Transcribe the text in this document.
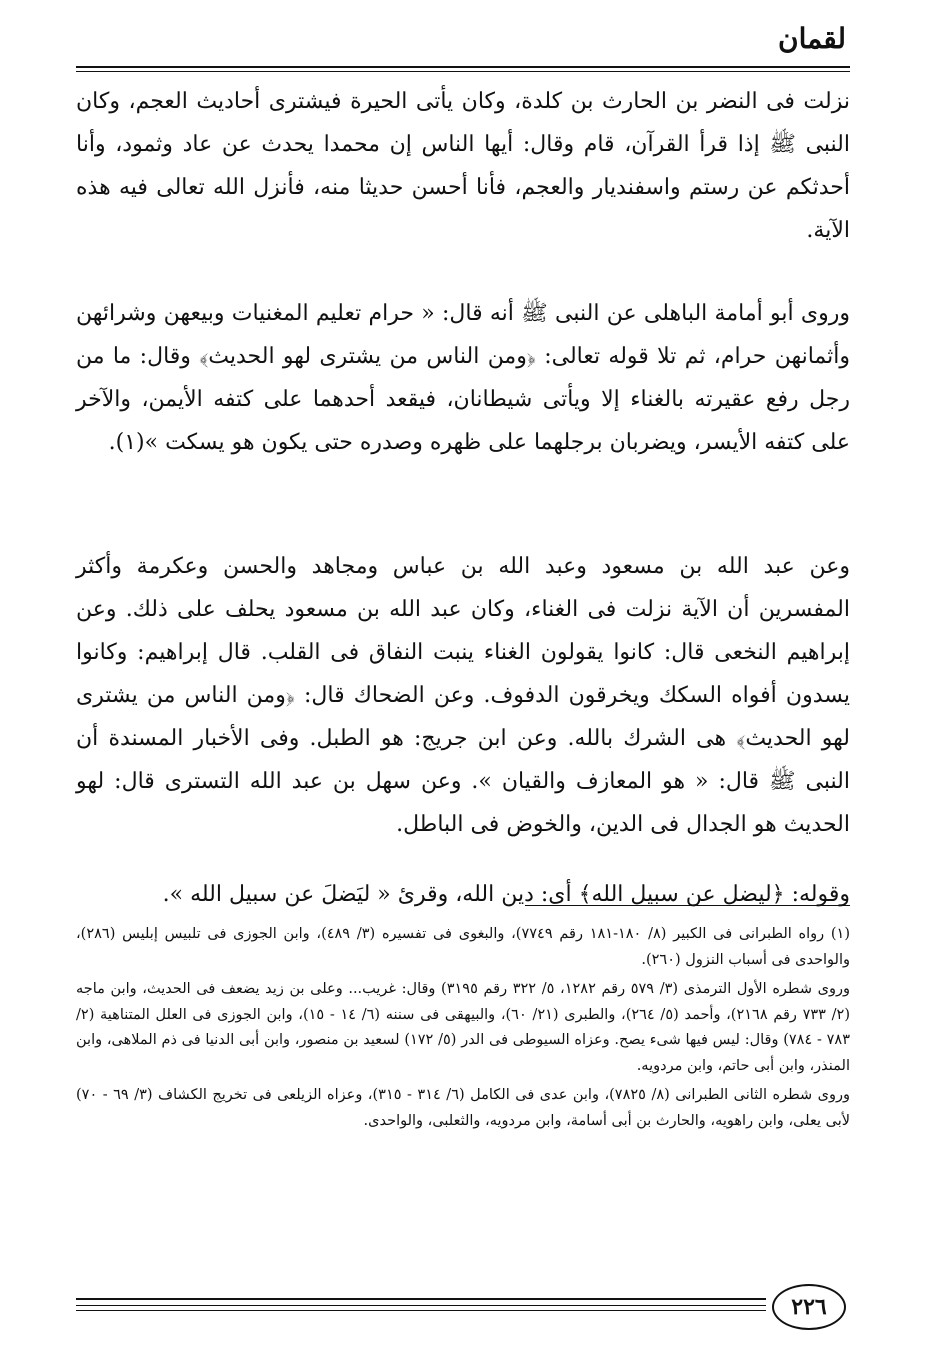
لقمان

نزلت فى النضر بن الحارث بن كلدة، وكان يأتى الحيرة فيشترى أحاديث العجم، وكان النبى ﷺ إذا قرأ القرآن، قام وقال: أيها الناس إن محمدا يحدث عن عاد وثمود، وأنا أحدثكم عن رستم واسفنديار والعجم، فأنا أحسن حديثا منه، فأنزل الله تعالى فيه هذه الآية.

وروى أبو أمامة الباهلى عن النبى ﷺ أنه قال: « حرام تعليم المغنيات وبيعهن وشرائهن وأثمانهن حرام، ثم تلا قوله تعالى: ﴿ومن الناس من يشترى لهو الحديث﴾ وقال: ما من رجل رفع عقيرته بالغناء إلا ويأتى شيطانان، فيقعد أحدهما على كتفه الأيمن، والآخر على كتفه الأيسر، ويضربان برجلهما على ظهره وصدره حتى يكون هو يسكت »(١).

وعن عبد الله بن مسعود وعبد الله بن عباس ومجاهد والحسن وعكرمة وأكثر المفسرين أن الآية نزلت فى الغناء، وكان عبد الله بن مسعود يحلف على ذلك. وعن إبراهيم النخعى قال: كانوا يقولون الغناء ينبت النفاق فى القلب. قال إبراهيم: وكانوا يسدون أفواه السكك ويخرقون الدفوف. وعن الضحاك قال: ﴿ومن الناس من يشترى لهو الحديث﴾ هى الشرك بالله. وعن ابن جريج: هو الطبل. وفى الأخبار المسندة أن النبى ﷺ قال: « هو المعازف والقيان ». وعن سهل بن عبد الله التسترى قال: لهو الحديث هو الجدال فى الدين، والخوض فى الباطل.

وقوله: ﴿ليضل عن سبيل الله﴾ أى: دين الله، وقرئ « ليَضلَ عن سبيل الله ».

(١) رواه الطبرانى فى الكبير (٨/ ١٨٠-١٨١ رقم ٧٧٤٩)، والبغوى فى تفسيره (٣/ ٤٨٩)، وابن الجوزى فى تلبيس إبليس (٢٨٦)، والواحدى فى أسباب النزول (٢٦٠).

وروى شطره الأول الترمذى (٣/ ٥٧٩ رقم ١٢٨٢، ٥/ ٣٢٢ رقم ٣١٩٥) وقال: غريب... وعلى بن زيد يضعف فى الحديث، وابن ماجه (٢/ ٧٣٣ رقم ٢١٦٨)، وأحمد (٥/ ٢٦٤)، والطبرى (٢١/ ٦٠)، والبيهقى فى سننه (٦/ ١٤ - ١٥)، وابن الجوزى فى العلل المتناهية (٢/ ٧٨٣ - ٧٨٤) وقال: ليس فيها شىء يصح. وعزاه السيوطى فى الدر (٥/ ١٧٢) لسعيد بن منصور، وابن أبى الدنيا فى ذم الملاهى، وابن المنذر، وابن أبى حاتم، وابن مردويه.

وروى شطره الثانى الطبرانى (٨/ ٧٨٢٥)، وابن عدى فى الكامل (٦/ ٣١٤ - ٣١٥)، وعزاه الزيلعى فى تخريج الكشاف (٣/ ٦٩ - ٧٠) لأبى يعلى، وابن راهويه، والحارث بن أبى أسامة، وابن مردويه، والثعلبى، والواحدى.

٢٢٦
